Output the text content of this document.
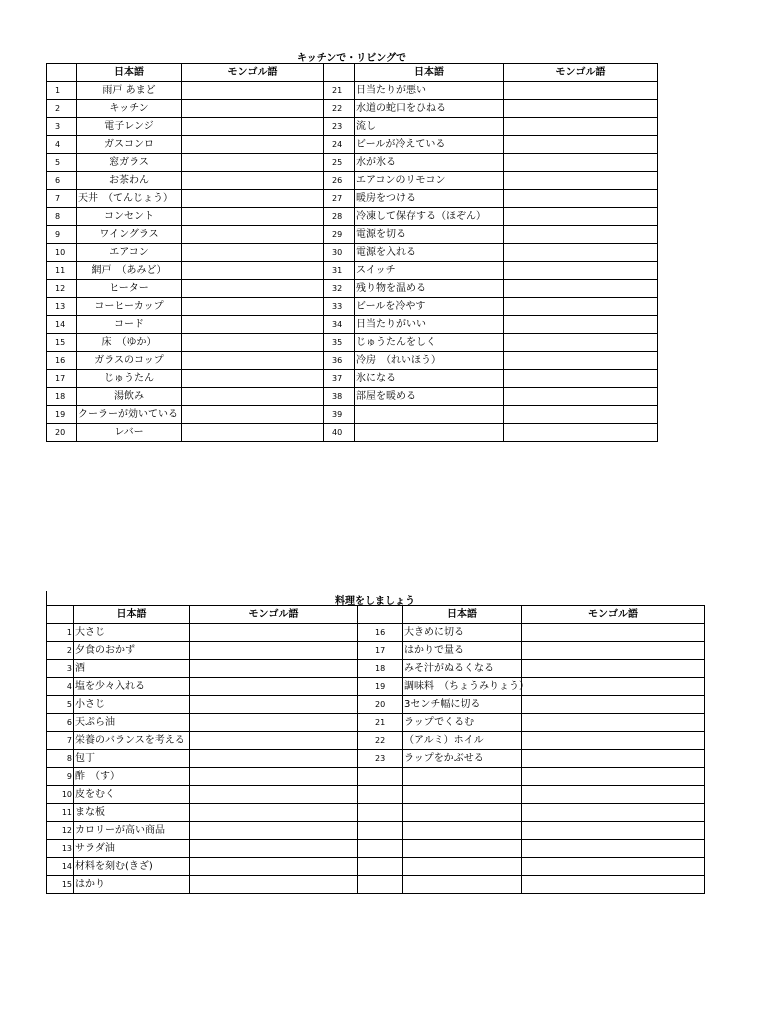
キッチンで・リビングで
	日本語	モンゴル語		日本語	モンゴル語
1	雨戸 あまど		21	日当たりが悪い	
2	キッチン		22	水道の蛇口をひねる	
3	電子レンジ		23	流し	
4	ガスコンロ		24	ビールが冷えている	
5	窓ガラス		25	水が氷る	
6	お茶わん		26	エアコンのリモコン	
7	天井　（てんじょう）		27	暖房をつける	
8	コンセント		28	冷凍して保存する（ほぞん）	
9	ワイングラス		29	電源を切る	
10	エアコン		30	電源を入れる	
11	網戸　（あみど）		31	スイッチ	
12	ヒーター		32	残り物を温める	
13	コーヒーカップ		33	ビールを冷やす	
14	コード		34	日当たりがいい	
15	床　（ゆか）		35	じゅうたんをしく	
16	ガラスのコップ		36	冷房　（れいほう）	
17	じゅうたん		37	氷になる	
18	湯飲み		38	部屋を暖める	
19	クーラーが効いている		39		
20	レバー		40		
料理をしましょう
	日本語	モンゴル語		日本語	モンゴル語
1	大さじ		16	大きめに切る	
2	夕食のおかず		17	はかりで量る	
3	酒		18	みそ汁がぬるくなる	
4	塩を少々入れる		19	調味料　（ちょうみりょう）	
5	小さじ		20	3センチ幅に切る	
6	天ぷら油		21	ラップでくるむ	
7	栄養のバランスを考える		22	（アルミ）ホイル	
8	包丁		23	ラップをかぶせる	
9	酢　（す）				
10	皮をむく				
11	まな板				
12	カロリーが高い商品				
13	サラダ油				
14	材料を刻む(きざ)				
15	はかり				
